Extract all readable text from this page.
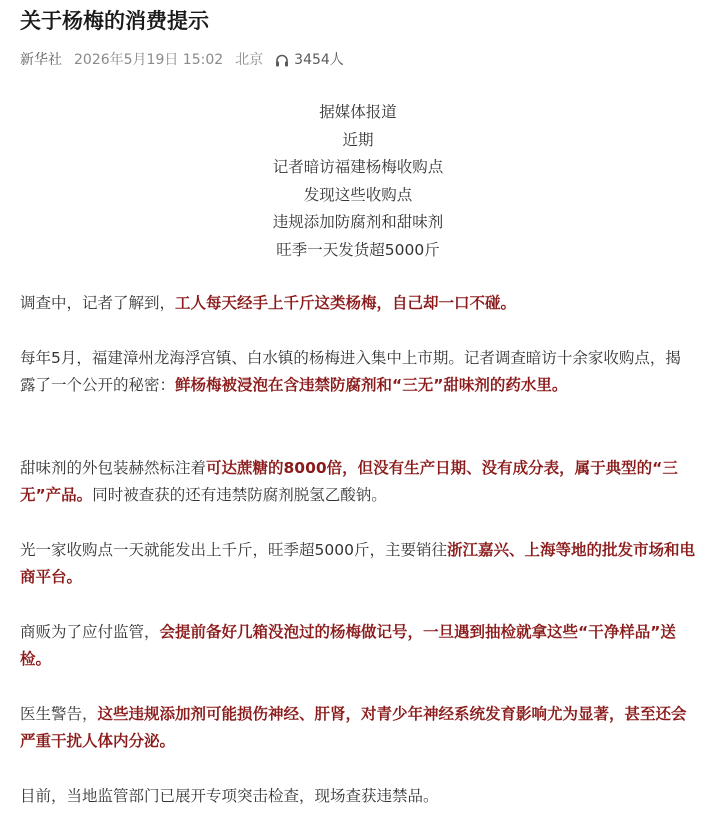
关于杨梅的消费提示
新华社 2026年5月19日 15:02 北京 3454人
据媒体报道
近期
记者暗访福建杨梅收购点
发现这些收购点
违规添加防腐剂和甜味剂
旺季一天发货超5000斤

调查中，记者了解到，工人每天经手上千斤这类杨梅，自己却一口不碰。

每年5月，福建漳州龙海浮宫镇、白水镇的杨梅进入集中上市期。记者调查暗访十余家收购点，揭露了一个公开的秘密：鲜杨梅被浸泡在含违禁防腐剂和“三无”甜味剂的药水里。

甜味剂的外包装赫然标注着可达蔗糖的8000倍，但没有生产日期、没有成分表，属于典型的“三无”产品。同时被查获的还有违禁防腐剂脱氢乙酸钠。

光一家收购点一天就能发出上千斤，旺季超5000斤，主要销往浙江嘉兴、上海等地的批发市场和电商平台。

商贩为了应付监管，会提前备好几箱没泡过的杨梅做记号，一旦遇到抽检就拿这些“干净样品”送检。

医生警告，这些违规添加剂可能损伤神经、肝肾，对青少年神经系统发育影响尤为显著，甚至还会严重干扰人体内分泌。

目前，当地监管部门已展开专项突击检查，现场查获违禁品。
